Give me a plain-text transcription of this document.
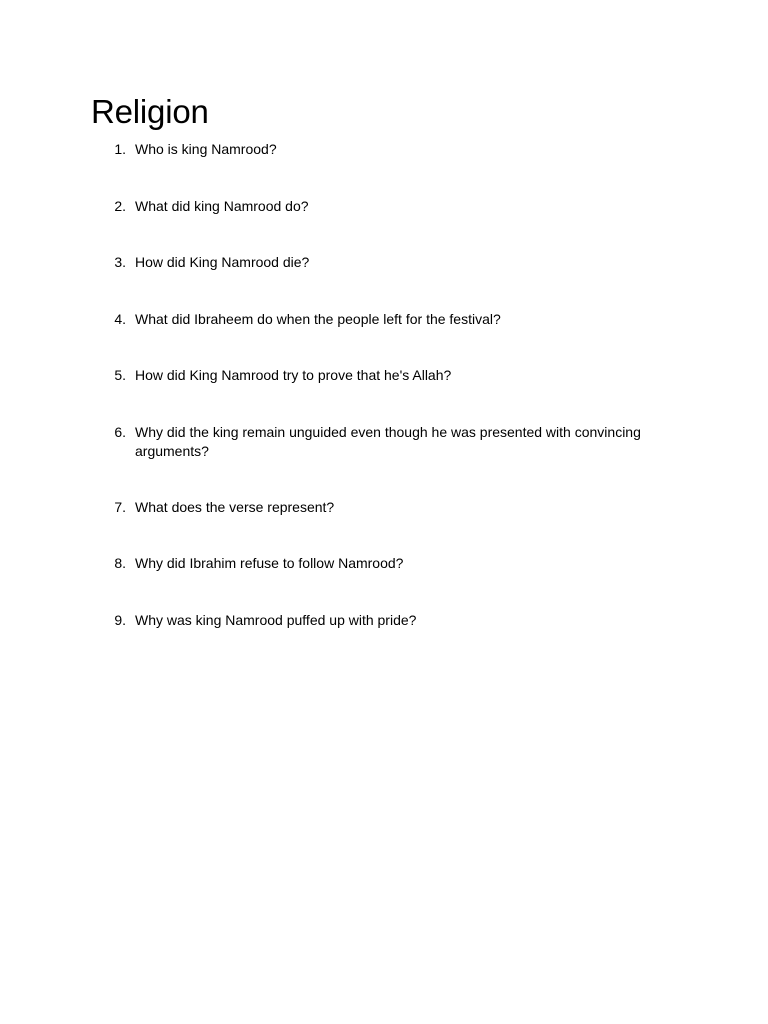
Religion
1. Who is king Namrood?
2. What did king Namrood do?
3. How did King Namrood die?
4. What did Ibraheem do when the people left for the festival?
5. How did King Namrood try to prove that he's Allah?
6. Why did the king remain unguided even though he was presented with convincing arguments?
7. What does the verse represent?
8. Why did Ibrahim refuse to follow Namrood?
9. Why was king Namrood puffed up with pride?
